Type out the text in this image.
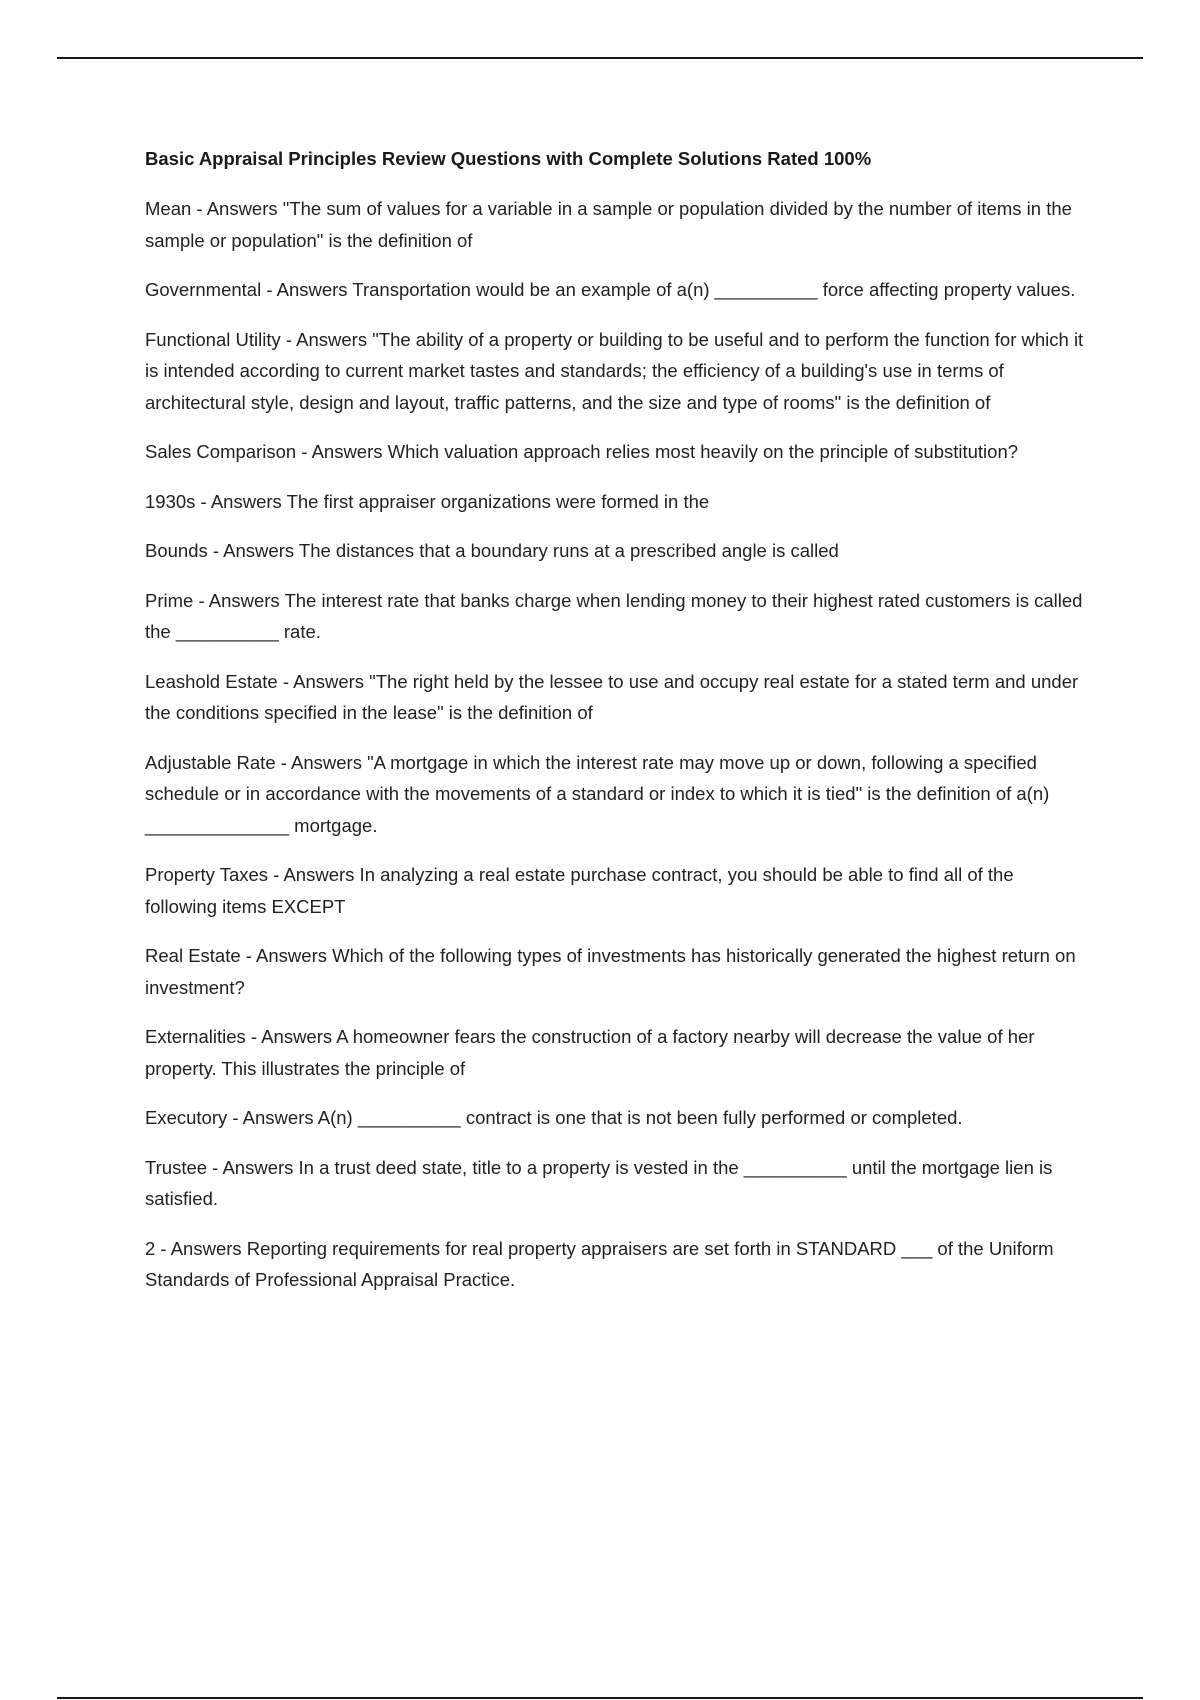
Basic Appraisal Principles Review Questions with Complete Solutions Rated 100%

Mean - Answers "The sum of values for a variable in a sample or population divided by the number of items in the sample or population" is the definition of

Governmental - Answers Transportation would be an example of a(n) __________ force affecting property values.

Functional Utility - Answers "The ability of a property or building to be useful and to perform the function for which it is intended according to current market tastes and standards; the efficiency of a building's use in terms of architectural style, design and layout, traffic patterns, and the size and type of rooms" is the definition of

Sales Comparison - Answers Which valuation approach relies most heavily on the principle of substitution?

1930s - Answers The first appraiser organizations were formed in the

Bounds - Answers The distances that a boundary runs at a prescribed angle is called

Prime - Answers The interest rate that banks charge when lending money to their highest rated customers is called the __________ rate.

Leashold Estate - Answers "The right held by the lessee to use and occupy real estate for a stated term and under the conditions specified in the lease" is the definition of

Adjustable Rate - Answers "A mortgage in which the interest rate may move up or down, following a specified schedule or in accordance with the movements of a standard or index to which it is tied" is the definition of a(n) ______________ mortgage.

Property Taxes - Answers In analyzing a real estate purchase contract, you should be able to find all of the following items EXCEPT

Real Estate - Answers Which of the following types of investments has historically generated the highest return on investment?

Externalities - Answers A homeowner fears the construction of a factory nearby will decrease the value of her property. This illustrates the principle of

Executory - Answers A(n) __________ contract is one that is not been fully performed or completed.

Trustee - Answers In a trust deed state, title to a property is vested in the __________ until the mortgage lien is satisfied.

2 - Answers Reporting requirements for real property appraisers are set forth in STANDARD ___ of the Uniform Standards of Professional Appraisal Practice.
